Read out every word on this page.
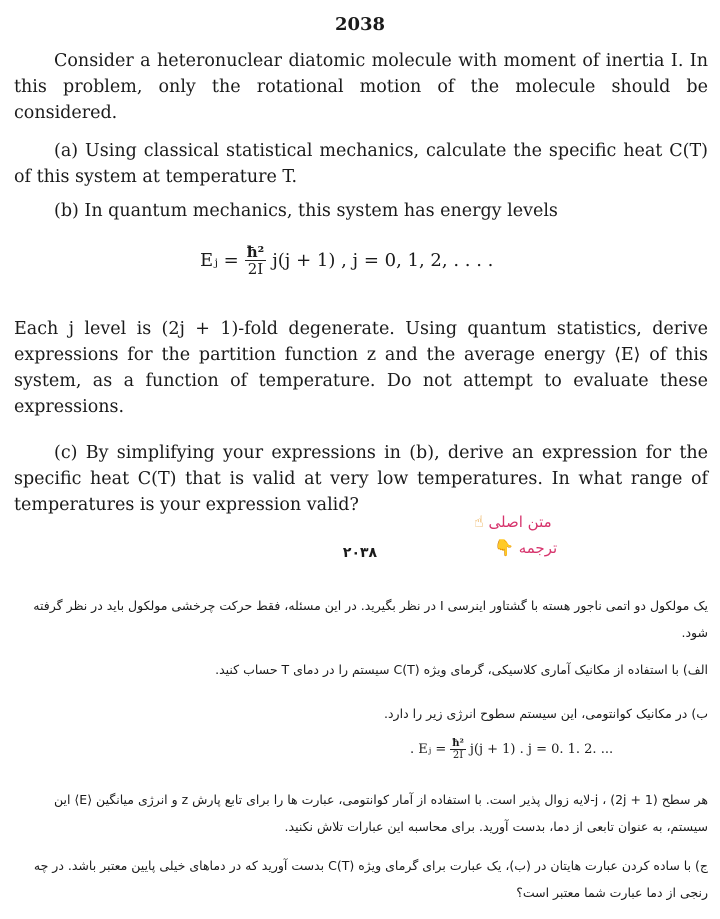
2038
Consider a heteronuclear diatomic molecule with moment of inertia I. In this problem, only the rotational motion of the molecule should be considered.
(a) Using classical statistical mechanics, calculate the specific heat C(T) of this system at temperature T.
(b) In quantum mechanics, this system has energy levels
Eⱼ = $\frac{\text{ħ²}}{2I} j(j + 1)$ , j = 0, 1, 2, . . . .
Each j level is (2j + 1)-fold degenerate. Using quantum statistics, derive expressions for the partition function z and the average energy ⟨E⟩ of this system, as a function of temperature. Do not attempt to evaluate these expressions.
(c) By simplifying your expressions in (b), derive an expression for the specific heat C(T) that is valid at very low temperatures. In what range of temperatures is your expression valid?
متن اصلی ☝
ترجمه 👇
۲۰۳۸
یک مولکول دو اتمی ناجور هسته با گشتاور اینرسی I در نظر بگیرید. در این مسئله، فقط حرکت چرخشی مولکول باید در نظر گرفته شود.
الف) با استفاده از مکانیک آماری کلاسیکی، گرمای ویژه C(T) سیستم را در دمای T حساب کنید.
ب) در مکانیک کوانتومی، این سیستم سطوح انرژی زیر را دارد.
. Eⱼ = $\frac{\text{ħ²}}{2I} j(j + 1)$ . j = 0. 1. 2. ...
هر سطح j ، (2j + 1)-لایه زوال پذیر است. با استفاده از آمار کوانتومی، عبارت ها را برای تابع پارش z و انرژی میانگین ⟨E⟩ این سیستم، به عنوان تابعی از دما، بدست آورید. برای محاسبه این عبارات تلاش نکنید.
ج) با ساده کردن عبارت هایتان در (ب)، یک عبارت برای گرمای ویژه C(T) بدست آورید که در دماهای خیلی پایین معتبر باشد. در چه رنجی از دما عبارت شما معتبر است؟
